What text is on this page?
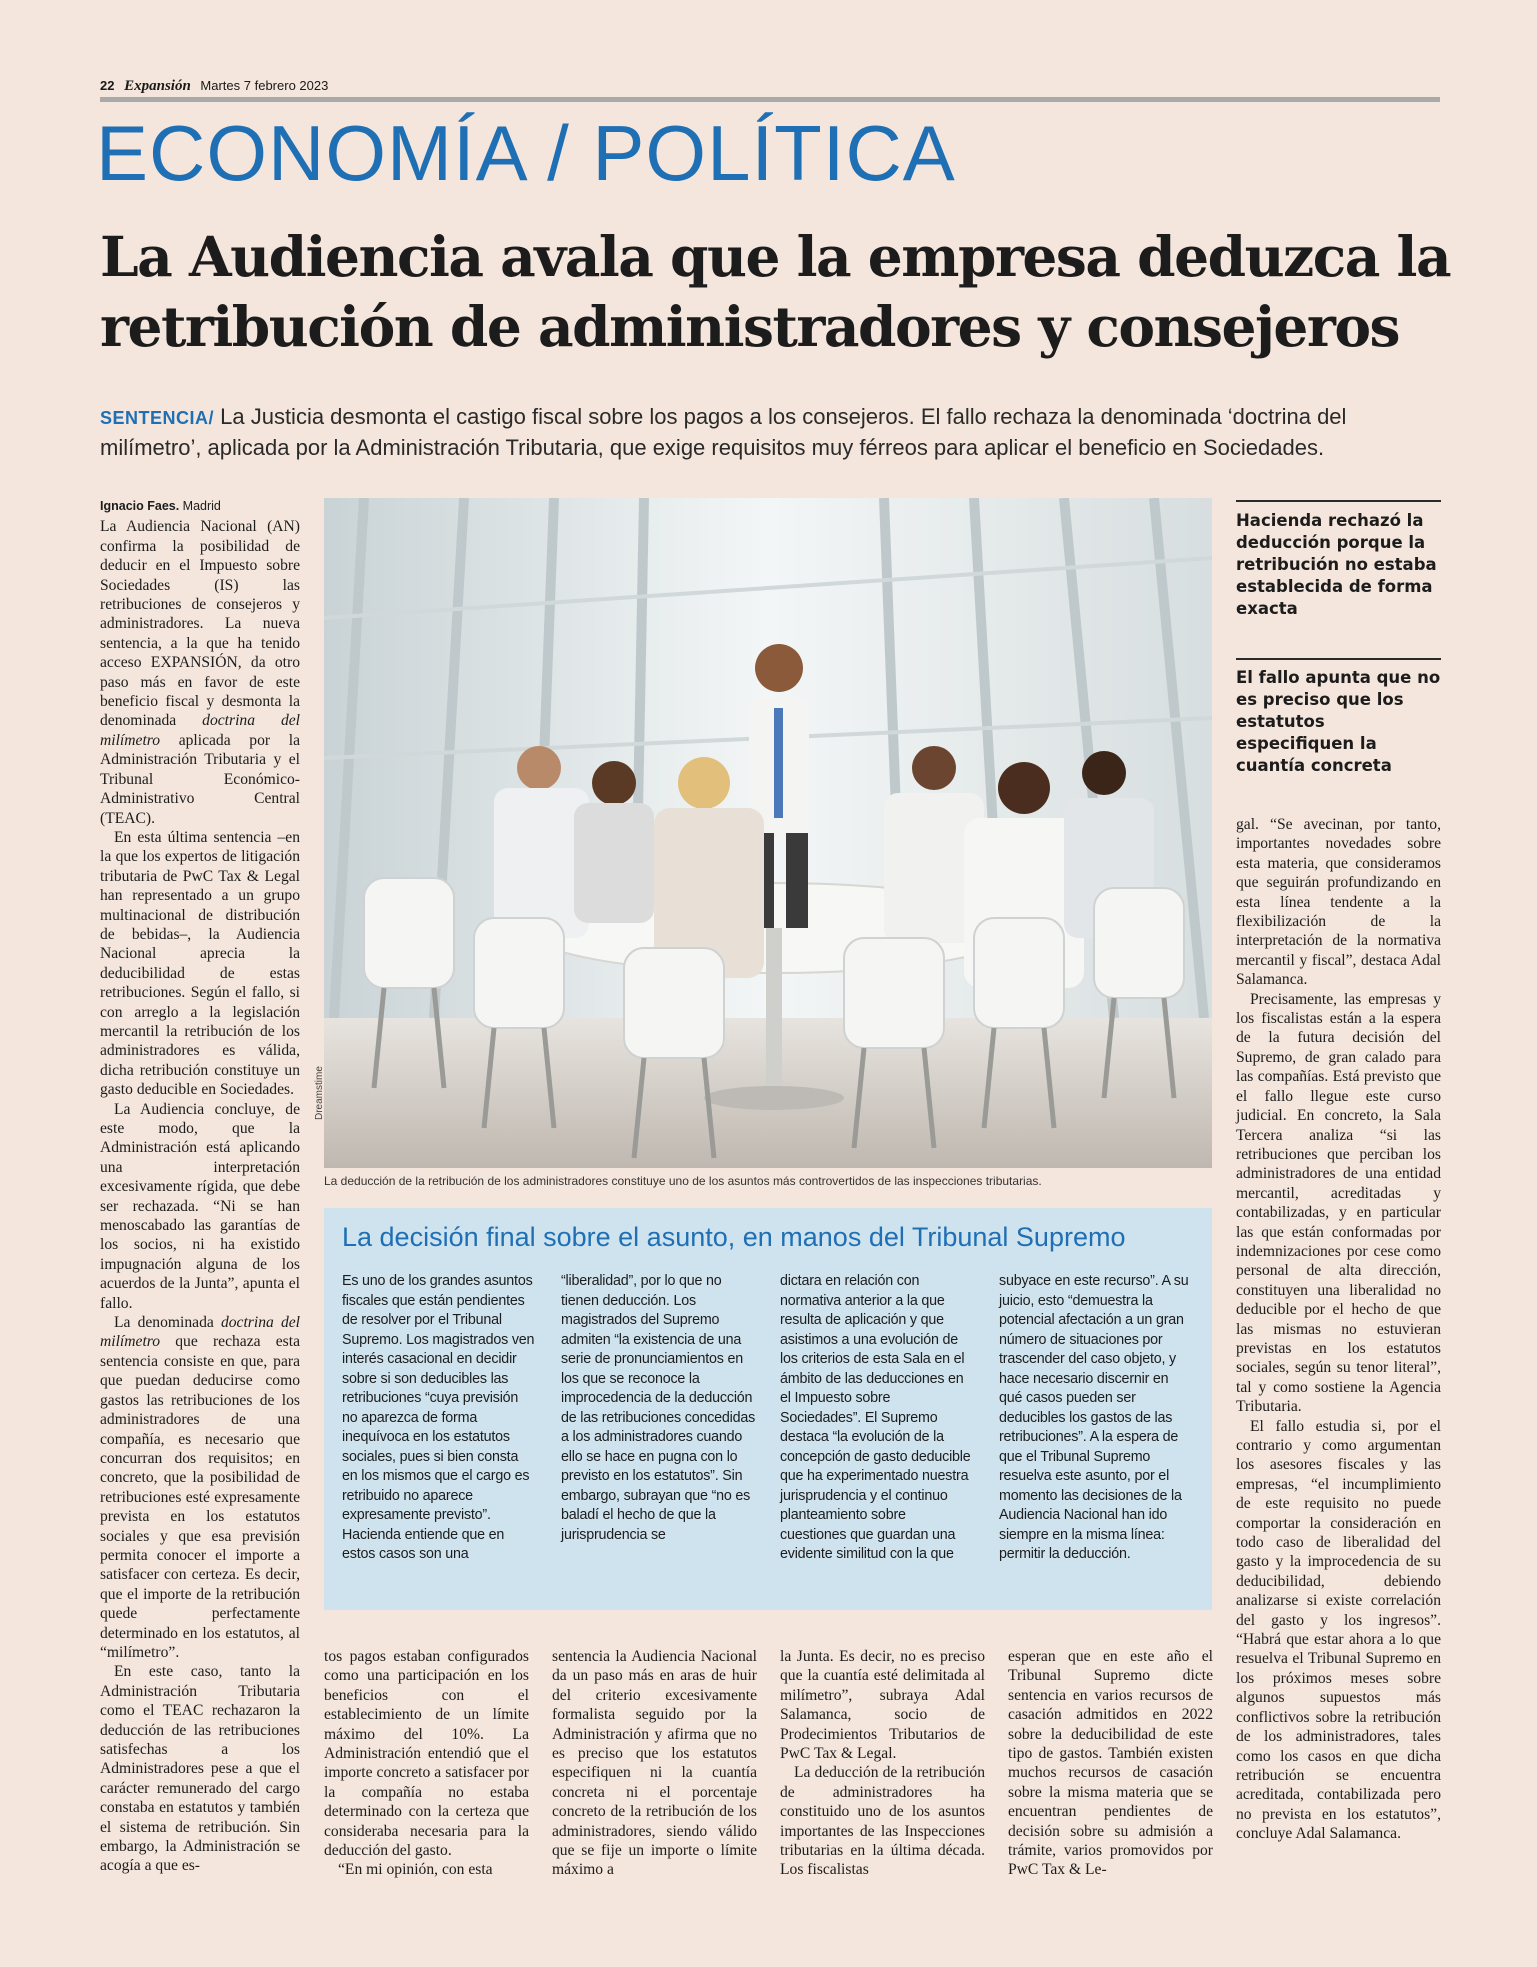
22 Expansión Martes 7 febrero 2023
ECONOMÍA / POLÍTICA
La Audiencia avala que la empresa deduzca la retribución de administradores y consejeros

SENTENCIA/ La Justicia desmonta el castigo fiscal sobre los pagos a los consejeros. El fallo rechaza la denominada ‘doctrina del milímetro’, aplicada por la Administración Tributaria, que exige requisitos muy férreos para aplicar el beneficio en Sociedades.

Ignacio Faes. Madrid

La Audiencia Nacional (AN) confirma la posibilidad de deducir en el Impuesto sobre Sociedades (IS) las retribuciones de consejeros y administradores. La nueva sentencia, a la que ha tenido acceso EXPANSIÓN, da otro paso más en favor de este beneficio fiscal y desmonta la denominada doctrina del milímetro aplicada por la Administración Tributaria y el Tribunal Económico-Administrativo Central (TEAC).

En esta última sentencia –en la que los expertos de litigación tributaria de PwC Tax & Legal han representado a un grupo multinacional de distribución de bebidas–, la Audiencia Nacional aprecia la deducibilidad de estas retribuciones. Según el fallo, si con arreglo a la legislación mercantil la retribución de los administradores es válida, dicha retribución constituye un gasto deducible en Sociedades.

La Audiencia concluye, de este modo, que la Administración está aplicando una interpretación excesivamente rígida, que debe ser rechazada. “Ni se han menoscabado las garantías de los socios, ni ha existido impugnación alguna de los acuerdos de la Junta”, apunta el fallo.

La denominada doctrina del milímetro que rechaza esta sentencia consiste en que, para que puedan deducirse como gastos las retribuciones de los administradores de una compañía, es necesario que concurran dos requisitos; en concreto, que la posibilidad de retribuciones esté expresamente prevista en los estatutos sociales y que esa previsión permita conocer el importe a satisfacer con certeza. Es decir, que el importe de la retribución quede perfectamente determinado en los estatutos, al “milímetro”.

En este caso, tanto la Administración Tributaria como el TEAC rechazaron la deducción de las retribuciones satisfechas a los Administradores pese a que el carácter remunerado del cargo constaba en estatutos y también el sistema de retribución. Sin embargo, la Administración se acogía a que es-

Dreamstime
La deducción de la retribución de los administradores constituye uno de los asuntos más controvertidos de las inspecciones tributarias.
La decisión final sobre el asunto, en manos del Tribunal Supremo

Es uno de los grandes asuntos fiscales que están pendientes de resolver por el Tribunal Supremo. Los magistrados ven interés casacional en decidir sobre si son deducibles las retribuciones “cuya previsión no aparezca de forma inequívoca en los estatutos sociales, pues si bien consta en los mismos que el cargo es retribuido no aparece expresamente previsto”. Hacienda entiende que en estos casos son una

“liberalidad”, por lo que no tienen deducción. Los magistrados del Supremo admiten “la existencia de una serie de pronunciamientos en los que se reconoce la improcedencia de la deducción de las retribuciones concedidas a los administradores cuando ello se hace en pugna con lo previsto en los estatutos”. Sin embargo, subrayan que “no es baladí el hecho de que la jurisprudencia se

dictara en relación con normativa anterior a la que resulta de aplicación y que asistimos a una evolución de los criterios de esta Sala en el ámbito de las deducciones en el Impuesto sobre Sociedades”. El Supremo destaca “la evolución de la concepción de gasto deducible que ha experimentado nuestra jurisprudencia y el continuo planteamiento sobre cuestiones que guardan una evidente similitud con la que

subyace en este recurso”. A su juicio, esto “demuestra la potencial afectación a un gran número de situaciones por trascender del caso objeto, y hace necesario discernir en qué casos pueden ser deducibles los gastos de las retribuciones”. A la espera de que el Tribunal Supremo resuelva este asunto, por el momento las decisiones de la Audiencia Nacional han ido siempre en la misma línea: permitir la deducción.

tos pagos estaban configurados como una participación en los beneficios con el establecimiento de un límite máximo del 10%. La Administración entendió que el importe concreto a satisfacer por la compañía no estaba determinado con la certeza que consideraba necesaria para la deducción del gasto.

“En mi opinión, con esta

sentencia la Audiencia Nacional da un paso más en aras de huir del criterio excesivamente formalista seguido por la Administración y afirma que no es preciso que los estatutos especifiquen ni la cuantía concreta ni el porcentaje concreto de la retribución de los administradores, siendo válido que se fije un importe o límite máximo a

la Junta. Es decir, no es preciso que la cuantía esté delimitada al milímetro”, subraya Adal Salamanca, socio de Prodecimientos Tributarios de PwC Tax & Legal.

La deducción de la retribución de administradores ha constituido uno de los asuntos importantes de las Inspecciones tributarias en la última década. Los fiscalistas

esperan que en este año el Tribunal Supremo dicte sentencia en varios recursos de casación admitidos en 2022 sobre la deducibilidad de este tipo de gastos. También existen muchos recursos de casación sobre la misma materia que se encuentran pendientes de decisión sobre su admisión a trámite, varios promovidos por PwC Tax & Le-

Hacienda rechazó la deducción porque la retribución no estaba establecida de forma exacta
El fallo apunta que no es preciso que los estatutos especifiquen la cuantía concreta

gal. “Se avecinan, por tanto, importantes novedades sobre esta materia, que consideramos que seguirán profundizando en esta línea tendente a la flexibilización de la interpretación de la normativa mercantil y fiscal”, destaca Adal Salamanca.

Precisamente, las empresas y los fiscalistas están a la espera de la futura decisión del Supremo, de gran calado para las compañías. Está previsto que el fallo llegue este curso judicial. En concreto, la Sala Tercera analiza “si las retribuciones que perciban los administradores de una entidad mercantil, acreditadas y contabilizadas, y en particular las que están conformadas por indemnizaciones por cese como personal de alta dirección, constituyen una liberalidad no deducible por el hecho de que las mismas no estuvieran previstas en los estatutos sociales, según su tenor literal”, tal y como sostiene la Agencia Tributaria.

El fallo estudia si, por el contrario y como argumentan los asesores fiscales y las empresas, “el incumplimiento de este requisito no puede comportar la consideración en todo caso de liberalidad del gasto y la improcedencia de su deducibilidad, debiendo analizarse si existe correlación del gasto y los ingresos”. “Habrá que estar ahora a lo que resuelva el Tribunal Supremo en los próximos meses sobre algunos supuestos más conflictivos sobre la retribución de los administradores, tales como los casos en que dicha retribución se encuentra acreditada, contabilizada pero no prevista en los estatutos”, concluye Adal Salamanca.
